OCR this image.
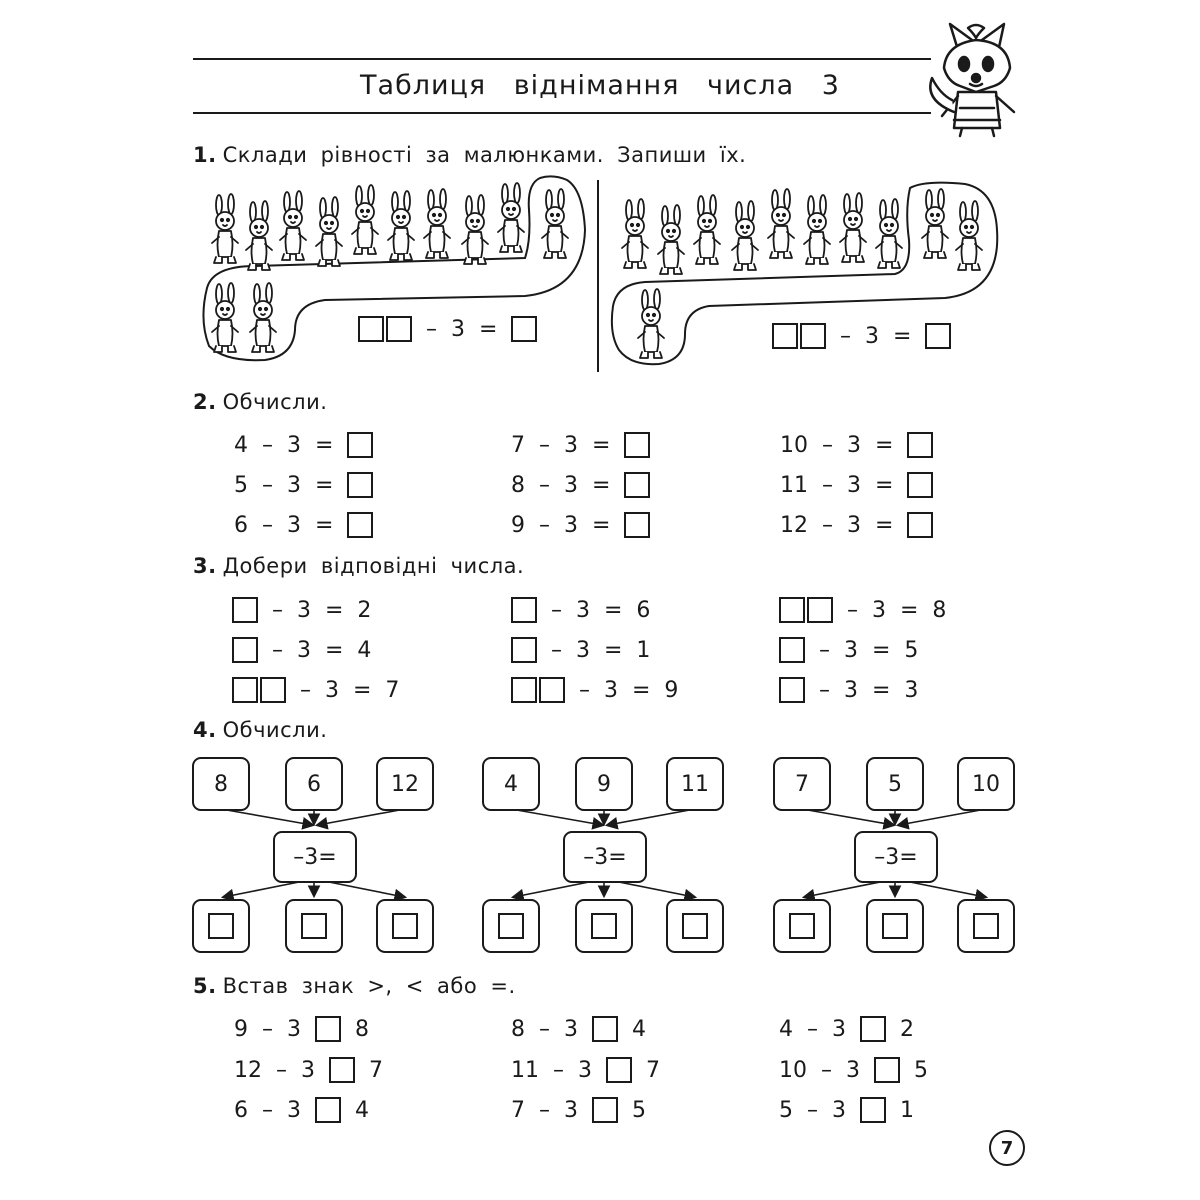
Таблиця віднімання числа 3
1. Склади рівності за малюнками. Запиши їх.

–
3
=

	–
3
=

2. Обчисли.
4  –  3  =	7  –  3  =	10  –  3  =
5  –  3  =	8  –  3  =	11  –  3  =
6  –  3  =	9  –  3  =	12  –  3  =
3. Добери відповідні числа.
–  3  =  2	–  3  =  6	–  3  =  8
–  3  =  4	–  3  =  1	–  3  =  5
–  3  =  7	–  3  =  9	–  3  =  3
4. Обчисли.
8	6	12
–3=
4	9	11
–3=
7	5	10
–3=
5. Встав знак >, < або =.
9  –  3 8	8  –  3 4	4  –  3 2
12  –  3 7	11  –  3 7	10  –  3 5
6  –  3 4	7  –  3 5	5  –  3 1
7
